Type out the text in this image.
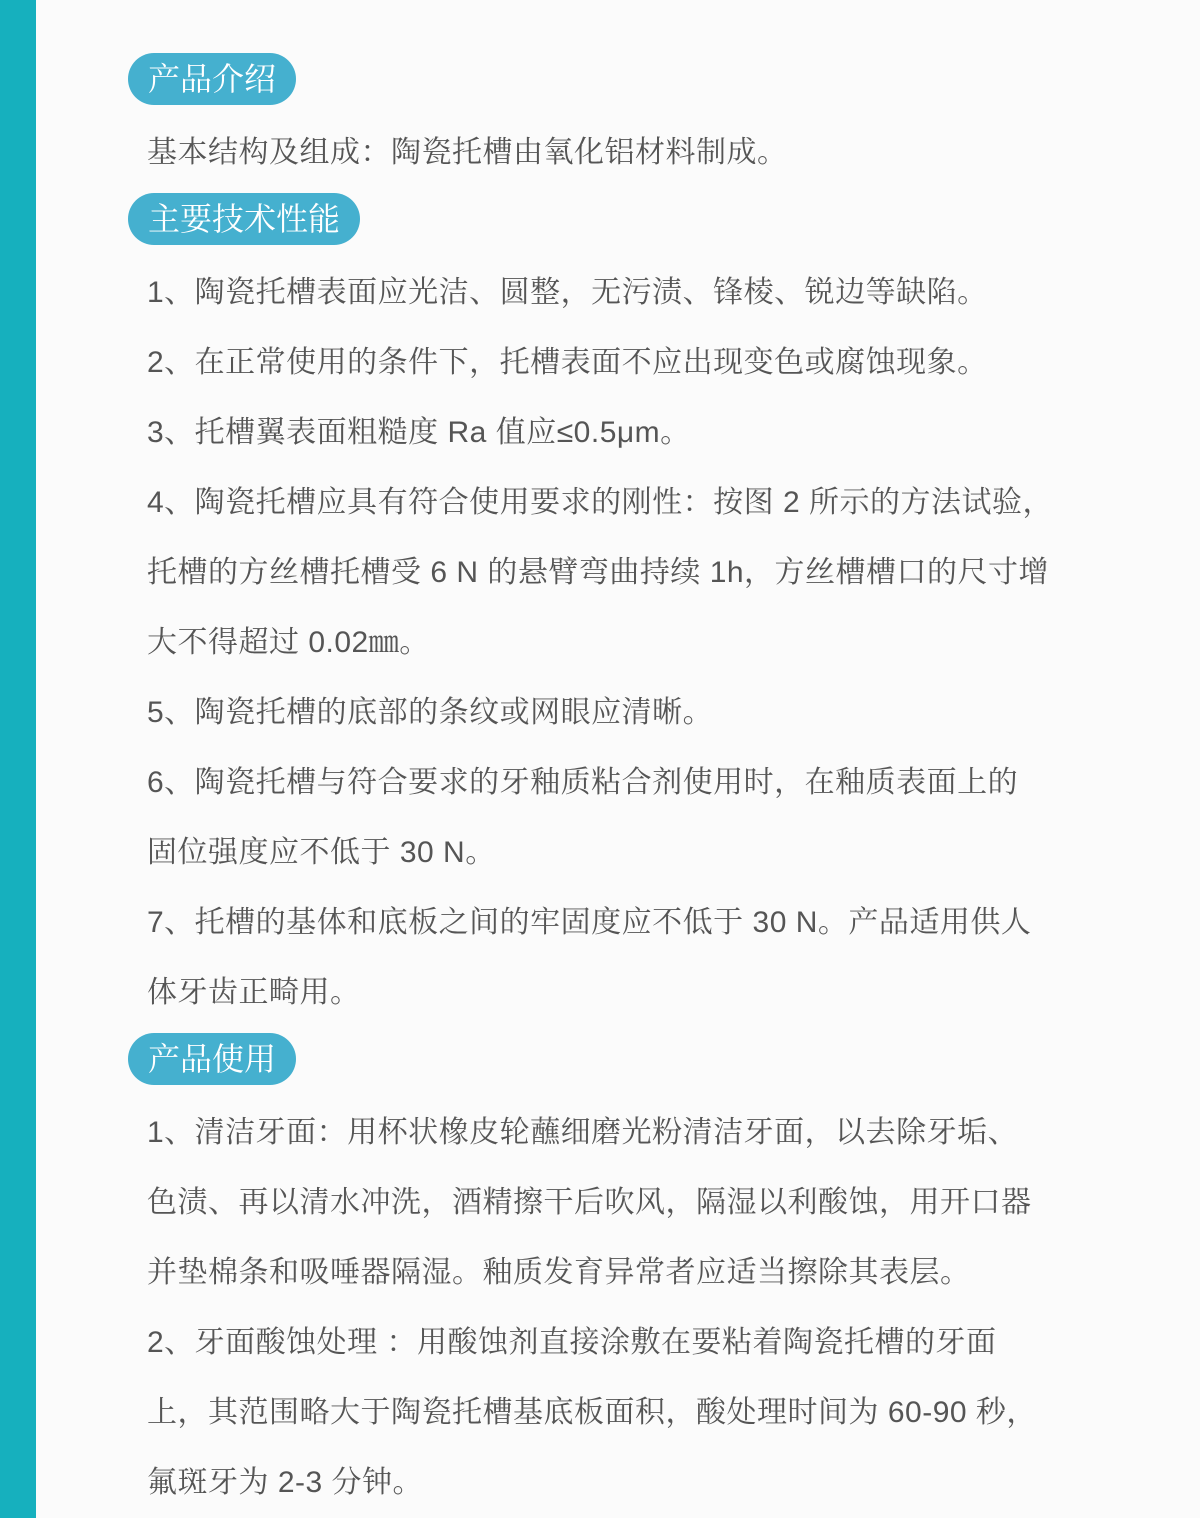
产品介绍
基本结构及组成：陶瓷托槽由氧化铝材料制成。
主要技术性能
1、陶瓷托槽表面应光洁、圆整，无污渍、锋棱、锐边等缺陷。
2、在正常使用的条件下，托槽表面不应出现变色或腐蚀现象。
3、托槽翼表面粗糙度 Ra 值应≤0.5μm。
4、陶瓷托槽应具有符合使用要求的刚性：按图 2 所示的方法试验，
托槽的方丝槽托槽受 6 N 的悬臂弯曲持续 1h，方丝槽槽口的尺寸增
大不得超过 0.02㎜。
5、陶瓷托槽的底部的条纹或网眼应清晰。
6、陶瓷托槽与符合要求的牙釉质粘合剂使用时，在釉质表面上的
固位强度应不低于 30 N。
7、托槽的基体和底板之间的牢固度应不低于 30 N。产品适用供人
体牙齿正畸用。
产品使用
1、清洁牙面：用杯状橡皮轮蘸细磨光粉清洁牙面，以去除牙垢、
色渍、再以清水冲洗，酒精擦干后吹风，隔湿以利酸蚀，用开口器
并垫棉条和吸唾器隔湿。釉质发育异常者应适当擦除其表层。
2、牙面酸蚀处理 ：用酸蚀剂直接涂敷在要粘着陶瓷托槽的牙面
上，其范围略大于陶瓷托槽基底板面积，酸处理时间为 60-90 秒，
氟斑牙为 2-3 分钟。
